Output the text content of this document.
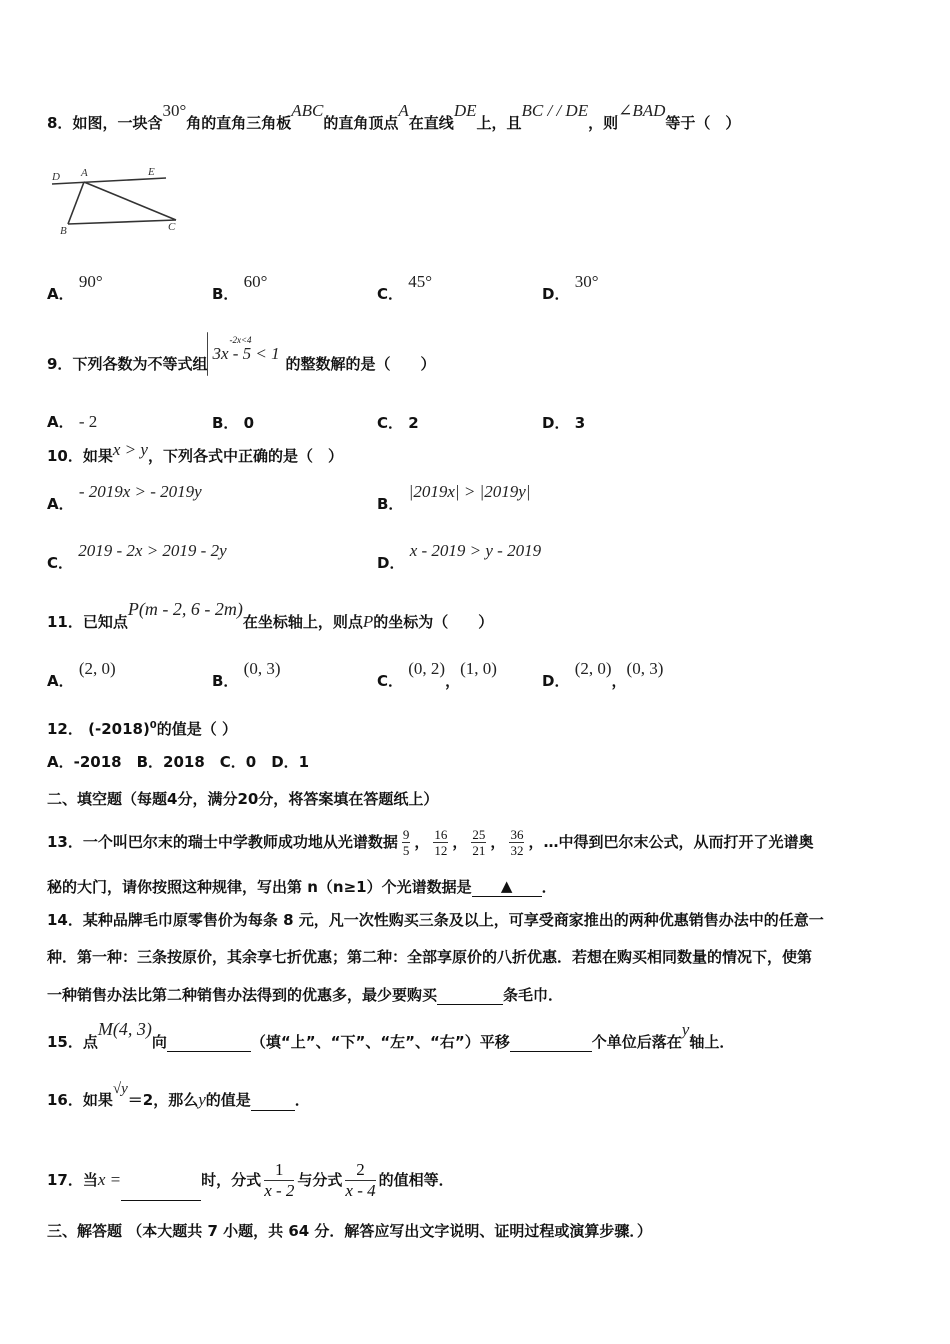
8．如图，一块含30°角的直角三角板ABC的直角顶点A在直线DE上，且BC / / DE，则∠BAD等于（　）
D A	E
B	C
A． 90°
B． 60°
C． 45°
D． 30°
9．下列各数为不等式组
-2x<4
3x - 5 < 1
的整数解的是（　　）
A． - 2	B． 0	C． 2	D． 3
10．如果x > y，下列各式中正确的是（　）
A． - 2019x > - 2019y
B． |2019x| > |2019y|
C． 2019 - 2x > 2019 - 2y
D． x - 2019 > y - 2019
11．已知点P(m - 2, 6 - 2m)在坐标轴上，则点P的坐标为（　　）
A． (2, 0)
B． (0, 3)
C． (0, 2)，(1, 0)
D． (2, 0)，(0, 3)
12． $(-2018)^0$的值是（ ）
A．-2018　B．2018　C．0　D．1
二、填空题（每题4分，满分20分，将答案填在答题纸上）
13．一个叫巴尔末的瑞士中学教师成功地从光谱数据 $\frac{9}{5}$ ， $\frac{16}{12}$ ， $\frac{25}{21}$ ， $\frac{36}{32}$ ，…中得到巴尔末公式，从而打开了光谱奥
秘的大门，请你按照这种规律，写出第 n（n≥1）个光谱数据是 ▲ ．
14．某种品牌毛巾原零售价为每条 8 元，凡一次性购买三条及以上，可享受商家推出的两种优惠销售办法中的任意一
种．第一种：三条按原价，其余享七折优惠；第二种：全部享原价的八折优惠．若想在购买相同数量的情况下，使第
一种销售办法比第二种销售办法得到的优惠多，最少要购买	条毛巾．
15．点M(4, 3)向	（填“上”、“下”、“左”、“右”）平移	个单位后落在y轴上．
16．如果√y＝2，那么y的值是	．
17．当x =	时，分式 $\frac{1}{x - 2}$ 与分式 $\frac{2}{x - 4}$ 的值相等．
三、解答题 （本大题共 7 小题，共 64 分．解答应写出文字说明、证明过程或演算步骤．）
